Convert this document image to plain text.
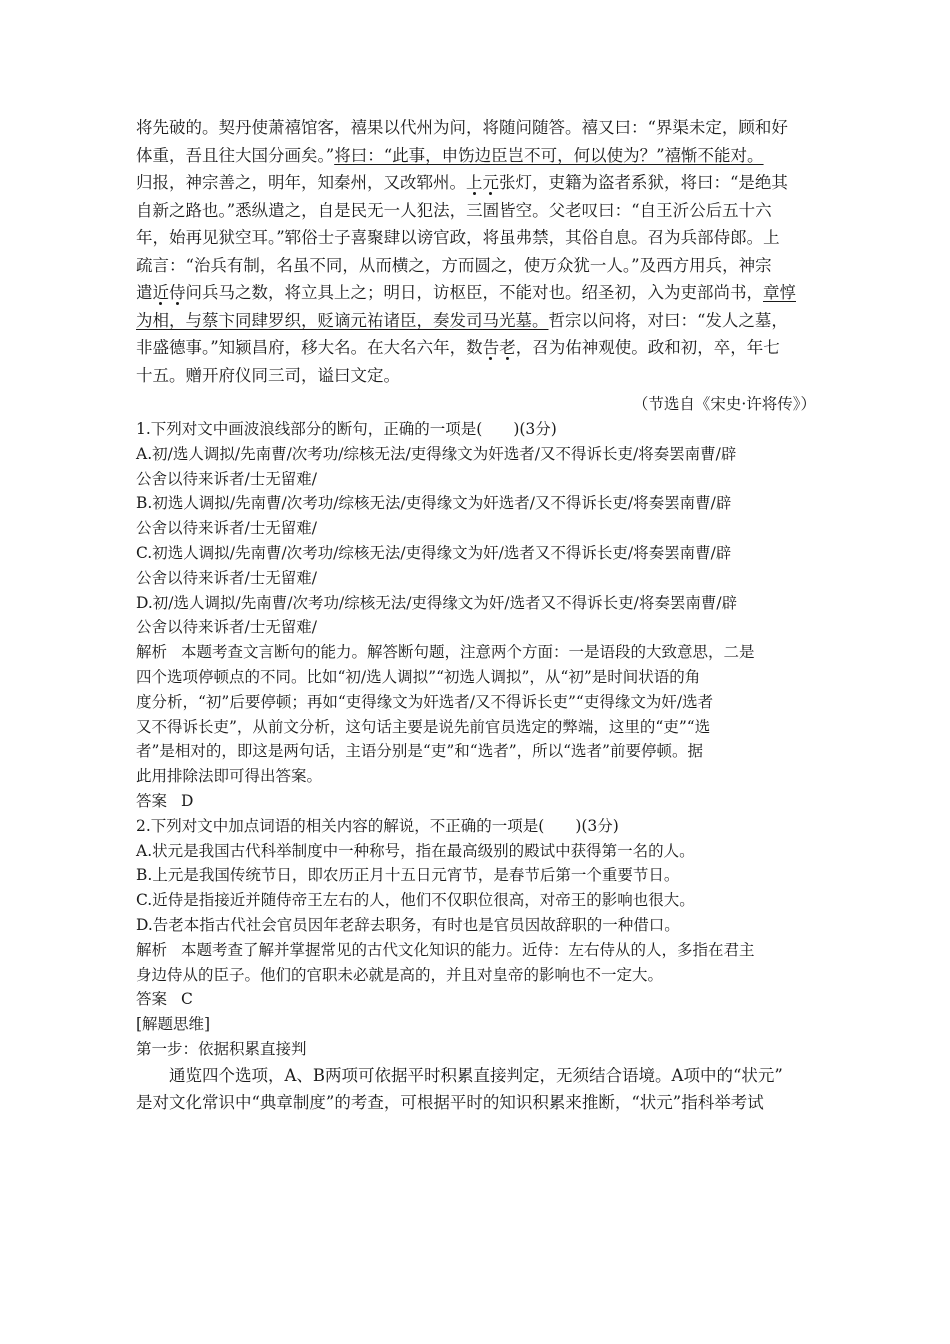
将先破的。契丹使萧禧馆客，禧果以代州为问，将随问随答。禧又曰：“界渠未定，顾和好

体重，吾且往大国分画矣。”将曰：“此事，申饬边臣岂不可，何以使为？”禧惭不能对。

归报，神宗善之，明年，知秦州，又改郓州。上元张灯，吏籍为盗者系狱，将曰：“是绝其

自新之路也。”悉纵遣之，自是民无一人犯法，三圄皆空。父老叹曰：“自王沂公后五十六

年，始再见狱空耳。”郓俗士子喜聚肆以谤官政，将虽弗禁，其俗自息。召为兵部侍郎。上

疏言：“治兵有制，名虽不同，从而横之，方而圆之，使万众犹一人。”及西方用兵，神宗

遣近侍问兵马之数，将立具上之；明日，访枢臣，不能对也。绍圣初，入为吏部尚书，章惇

为相，与蔡卞同肆罗织，贬谪元祐诸臣，奏发司马光墓。哲宗以问将，对曰：“发人之墓，

非盛德事。”知颍昌府，移大名。在大名六年，数告老，召为佑神观使。政和初，卒，年七

十五。赠开府仪同三司，谥曰文定。

（节选自《宋史·许将传》）

1.下列对文中画波浪线部分的断句，正确的一项是(　　)(3分)

A.初/选人调拟/先南曹/次考功/综核无法/吏得缘文为奸选者/又不得诉长吏/将奏罢南曹/辟

公舍以待来诉者/士无留难/

B.初选人调拟/先南曹/次考功/综核无法/吏得缘文为奸选者/又不得诉长吏/将奏罢南曹/辟

公舍以待来诉者/士无留难/

C.初选人调拟/先南曹/次考功/综核无法/吏得缘文为奸/选者又不得诉长吏/将奏罢南曹/辟

公舍以待来诉者/士无留难/

D.初/选人调拟/先南曹/次考功/综核无法/吏得缘文为奸/选者又不得诉长吏/将奏罢南曹/辟

公舍以待来诉者/士无留难/

解析 本题考查文言断句的能力。解答断句题，注意两个方面：一是语段的大致意思，二是

四个选项停顿点的不同。比如“初/选人调拟”“初选人调拟”，从“初”是时间状语的角

度分析，“初”后要停顿；再如“吏得缘文为奸选者/又不得诉长吏”“吏得缘文为奸/选者

又不得诉长吏”，从前文分析，这句话主要是说先前官员选定的弊端，这里的“吏”“选

者”是相对的，即这是两句话，主语分别是“吏”和“选者”，所以“选者”前要停顿。据

此用排除法即可得出答案。

答案 D

2.下列对文中加点词语的相关内容的解说，不正确的一项是(　　)(3分)

A.状元是我国古代科举制度中一种称号，指在最高级别的殿试中获得第一名的人。

B.上元是我国传统节日，即农历正月十五日元宵节，是春节后第一个重要节日。

C.近侍是指接近并随侍帝王左右的人，他们不仅职位很高，对帝王的影响也很大。

D.告老本指古代社会官员因年老辞去职务，有时也是官员因故辞职的一种借口。

解析 本题考查了解并掌握常见的古代文化知识的能力。近侍：左右侍从的人，多指在君主

身边侍从的臣子。他们的官职未必就是高的，并且对皇帝的影响也不一定大。

答案 C

[解题思维]

第一步：依据积累直接判

通览四个选项，A、B两项可依据平时积累直接判定，无须结合语境。A项中的“状元”

是对文化常识中“典章制度”的考查，可根据平时的知识积累来推断，“状元”指科举考试
